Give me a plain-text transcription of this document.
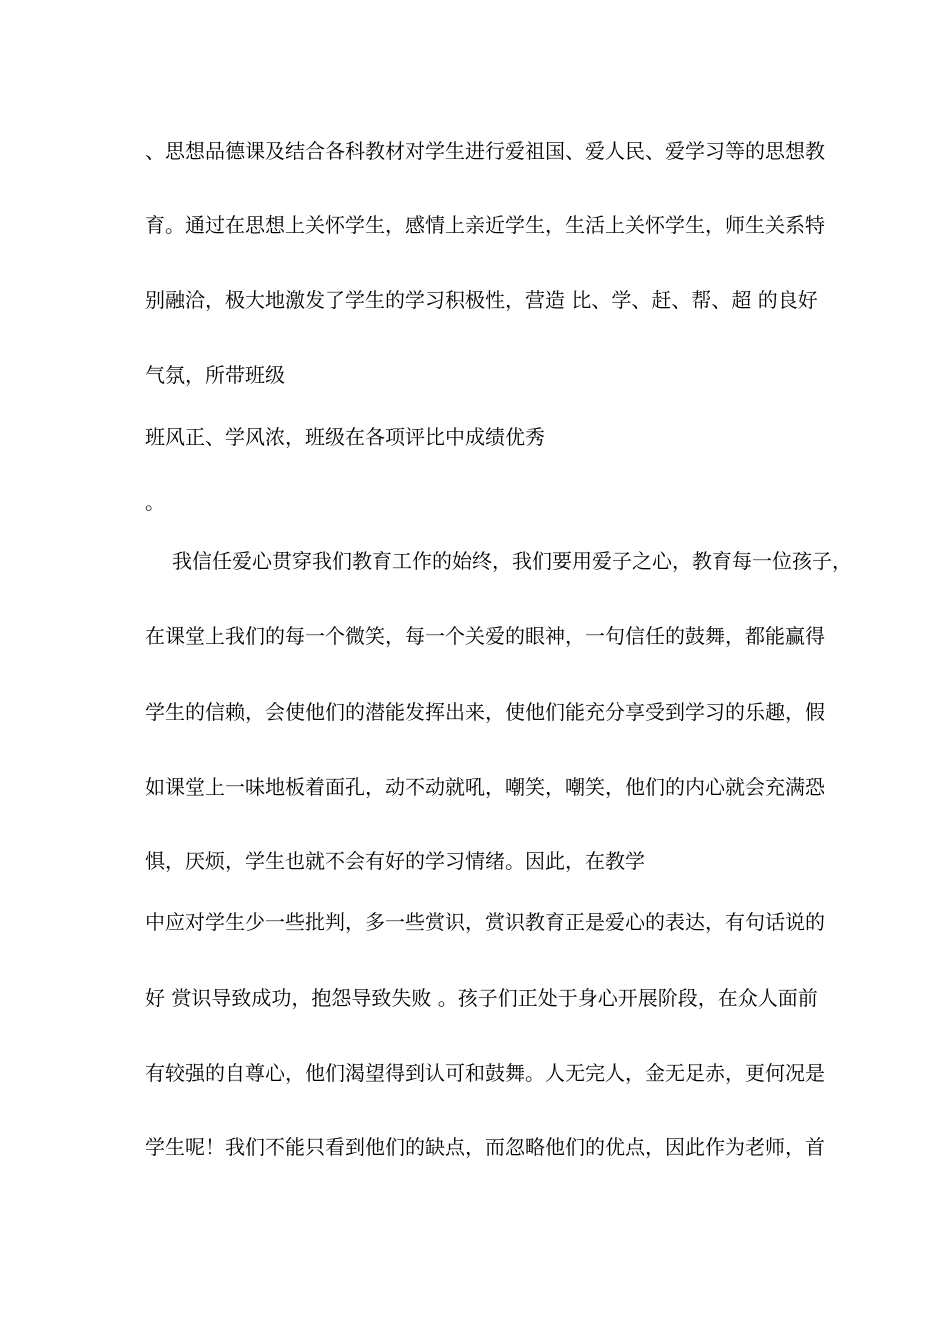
、思想品德课及结合各科教材对学生进行爱祖国、爱人民、爱学习等的思想教
育。通过在思想上关怀学生，感情上亲近学生，生活上关怀学生，师生关系特
别融洽，极大地激发了学生的学习积极性，营造 比、学、赶、帮、超 的良好
气氛，所带班级
班风正、学风浓，班级在各项评比中成绩优秀
。
我信任爱心贯穿我们教育工作的始终，我们要用爱子之心，教育每一位孩子，
在课堂上我们的每一个微笑，每一个关爱的眼神，一句信任的鼓舞，都能赢得
学生的信赖，会使他们的潜能发挥出来，使他们能充分享受到学习的乐趣，假
如课堂上一味地板着面孔，动不动就吼，嘲笑，嘲笑，他们的内心就会充满恐
惧，厌烦，学生也就不会有好的学习情绪。因此，在教学
中应对学生少一些批判，多一些赏识，赏识教育正是爱心的表达，有句话说的
好 赏识导致成功，抱怨导致失败 。孩子们正处于身心开展阶段，在众人面前
有较强的自尊心，他们渴望得到认可和鼓舞。人无完人，金无足赤，更何况是
学生呢！我们不能只看到他们的缺点，而忽略他们的优点，因此作为老师，首
